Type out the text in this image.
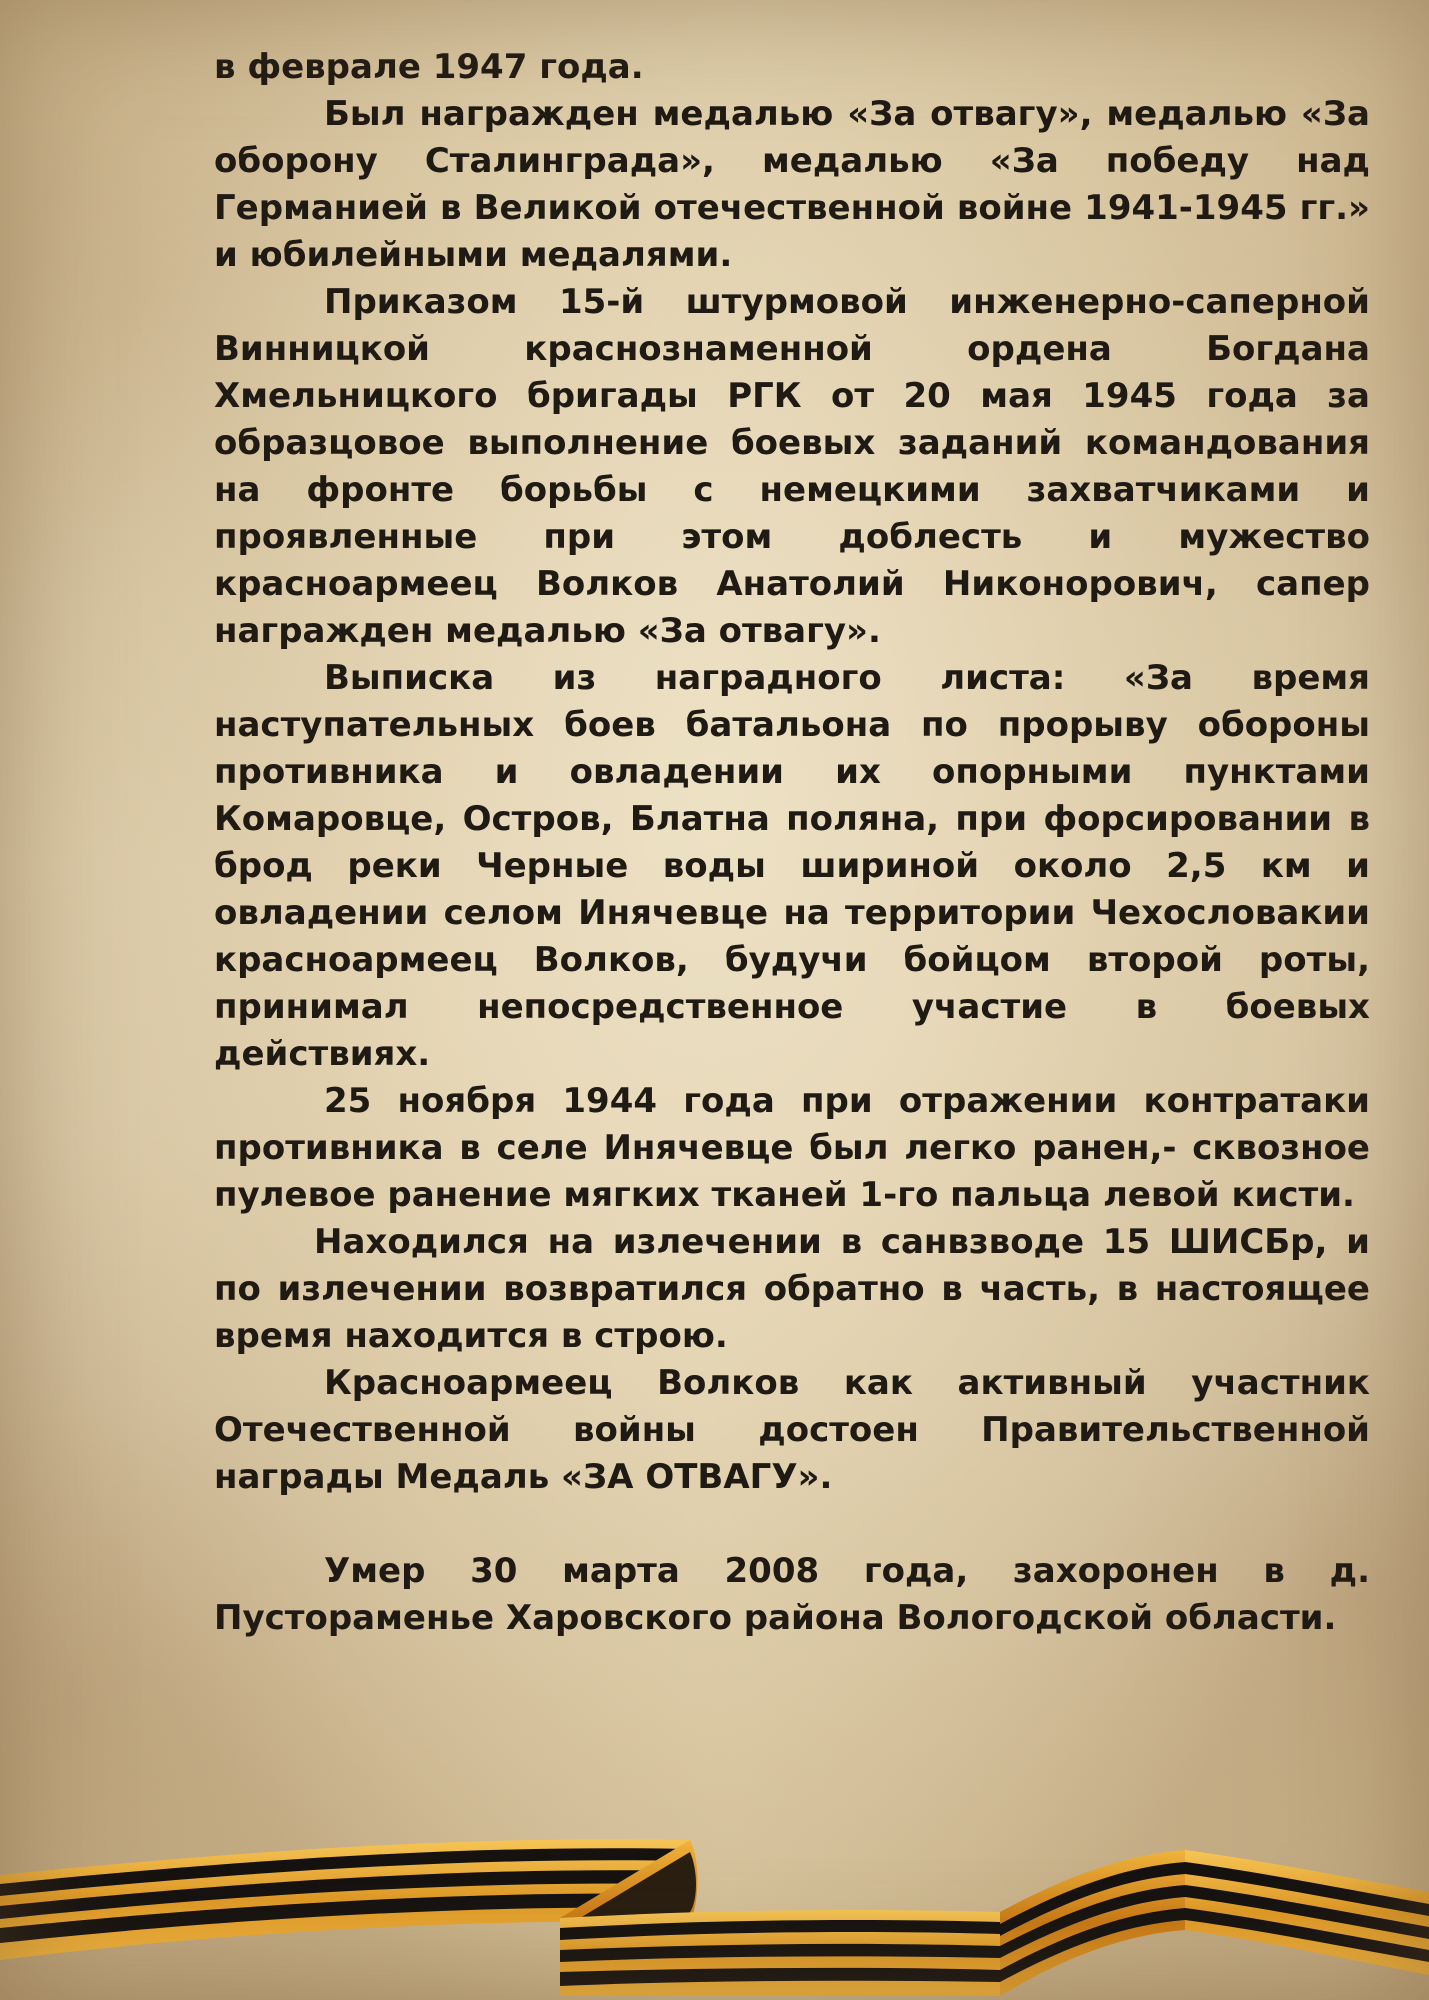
в феврале 1947 года.

Был награжден медалью «За отвагу», медалью «За оборону Сталинграда», медалью «За победу над Германией в Великой отечественной войне 1941-1945 гг.» и юбилейными медалями.

Приказом 15-й штурмовой инженерно-саперной Винницкой краснознаменной ордена Богдана Хмельницкого бригады РГК от 20 мая 1945 года за образцовое выполнение боевых заданий командования на фронте борьбы с немецкими захватчиками и проявленные при этом доблесть и мужество красноармеец Волков Анатолий Никонорович, сапер награжден медалью «За отвагу».

Выписка из наградного листа: «За время наступательных боев батальона по прорыву обороны противника и овладении их опорными пунктами Комаровце, Остров, Блатна поляна, при форсировании в брод реки Черные воды шириной около 2,5 км и овладении селом Инячевце на территории Чехословакии красноармеец Волков, будучи бойцом второй роты, принимал непосредственное участие в боевых действиях.

25 ноября 1944 года при отражении контратаки противника в селе Инячевце был легко ранен,- сквозное пулевое ранение мягких тканей 1-го пальца левой кисти.

Находился на излечении в санвзводе 15 ШИСБр, и по излечении возвратился обратно в часть, в настоящее время находится в строю.

Красноармеец Волков как активный участник Отечественной войны достоен Правительственной награды Медаль «ЗА ОТВАГУ».

Умер 30 марта 2008 года, захоронен в д. Пустораменье Харовского района Вологодской области.
